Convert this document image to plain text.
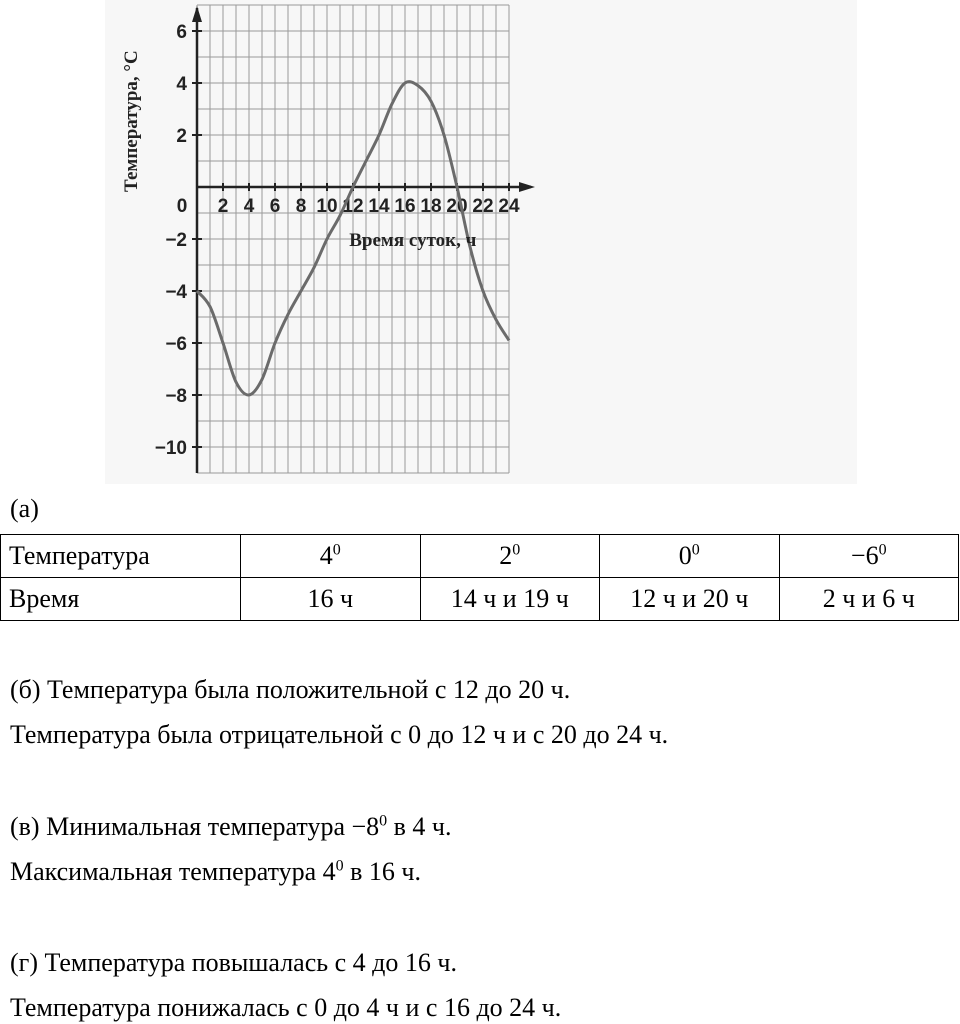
0 2 4 6 8 10 12 14 16 18 20 22 24
6
4
2
−2
−4
−6
−8
−10
Температура, °С
Время суток, ч
(а)
Температура	$4^0$	$2^0$	$0^0$	$-6^0$
Время	16 ч	14 ч и 19 ч	12 ч и 20 ч	2 ч и 6 ч
(б) Температура была положительной с 12 до 20 ч.
Температура была отрицательной с 0 до 12 ч и с 20 до 24 ч.
(в) Минимальная температура $-8^0$ в 4 ч.
Максимальная температура $4^0$ в 16 ч.
(г) Температура повышалась с 4 до 16 ч.
Температура понижалась с 0 до 4 ч и с 16 до 24 ч.
